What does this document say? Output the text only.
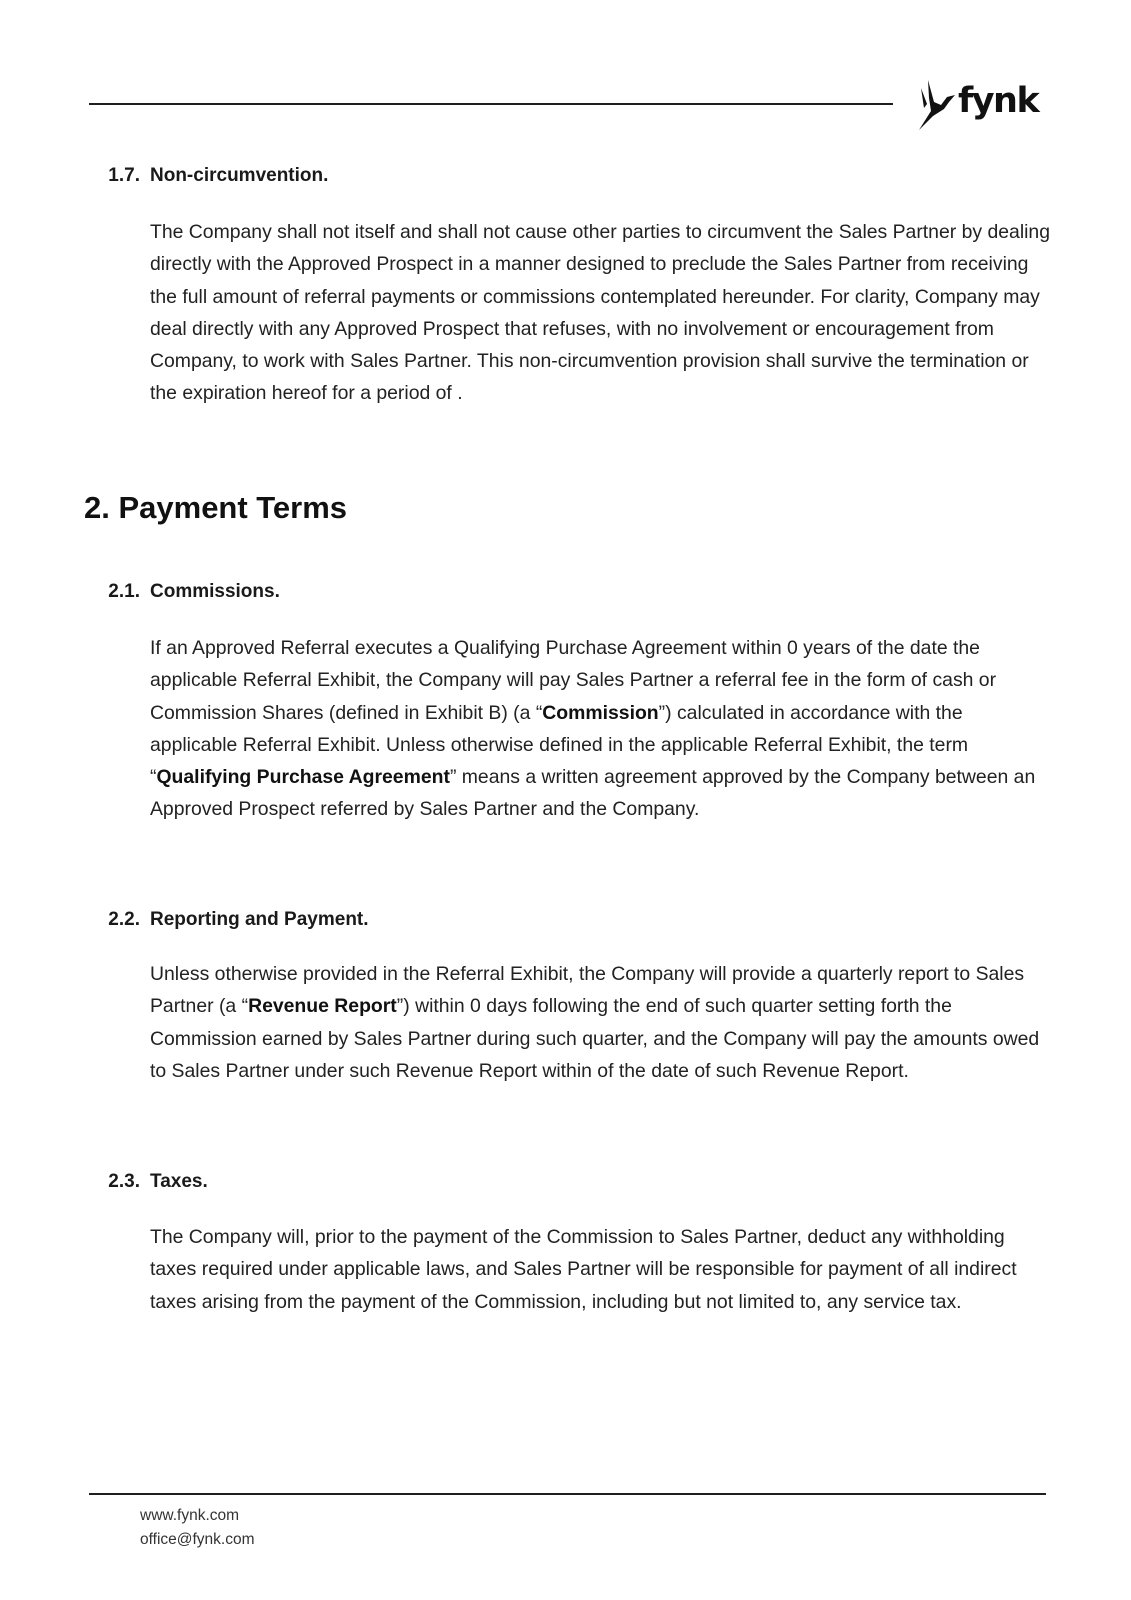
fynk
1.7. Non-circumvention.
The Company shall not itself and shall not cause other parties to circumvent the Sales Partner by dealing directly with the Approved Prospect in a manner designed to preclude the Sales Partner from receiving the full amount of referral payments or commissions contemplated hereunder. For clarity, Company may deal directly with any Approved Prospect that refuses, with no involvement or encouragement from Company, to work with Sales Partner. This non-circumvention provision shall survive the termination or the expiration hereof for a period of .
2. Payment Terms
2.1. Commissions.
If an Approved Referral executes a Qualifying Purchase Agreement within 0 years of the date the applicable Referral Exhibit, the Company will pay Sales Partner a referral fee in the form of cash or Commission Shares (defined in Exhibit B) (a “Commission”) calculated in accordance with the applicable Referral Exhibit. Unless otherwise defined in the applicable Referral Exhibit, the term “Qualifying Purchase Agreement” means a written agreement approved by the Company between an Approved Prospect referred by Sales Partner and the Company.
2.2. Reporting and Payment.
Unless otherwise provided in the Referral Exhibit, the Company will provide a quarterly report to Sales Partner (a “Revenue Report”) within 0 days following the end of such quarter setting forth the Commission earned by Sales Partner during such quarter, and the Company will pay the amounts owed to Sales Partner under such Revenue Report within of the date of such Revenue Report.
2.3. Taxes.
The Company will, prior to the payment of the Commission to Sales Partner, deduct any withholding taxes required under applicable laws, and Sales Partner will be responsible for payment of all indirect taxes arising from the payment of the Commission, including but not limited to, any service tax.
www.fynk.com
office@fynk.com
